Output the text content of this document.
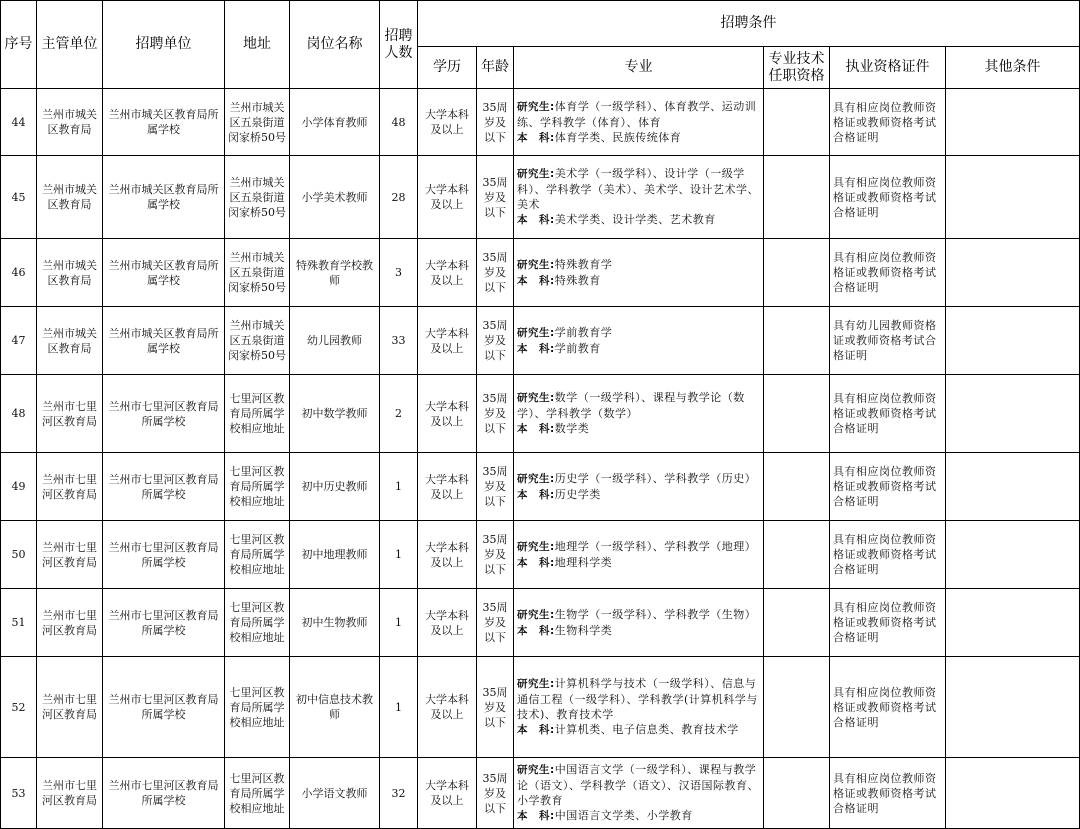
序号	主管单位	招聘单位	地址	岗位名称	招聘人数	招聘条件					
						学历	年龄	专业	专业技术任职资格	执业资格证件	其他条件
44	兰州市城关区教育局	兰州市城关区教育局所属学校	兰州市城关区五泉街道闵家桥50号	小学体育教师	48	大学本科及以上	35周岁及以下	研究生:体育学（一级学科）、体育教学、运动训练、学科教学（体育）、体育
本　科:体育学类、民族传统体育		具有相应岗位教师资格证或教师资格考试合格证明	
45	兰州市城关区教育局	兰州市城关区教育局所属学校	兰州市城关区五泉街道闵家桥50号	小学美术教师	28	大学本科及以上	35周岁及以下	研究生:美术学（一级学科）、设计学（一级学科）、学科教学（美术）、美术学、设计艺术学、美术
本　科:美术学类、设计学类、艺术教育		具有相应岗位教师资格证或教师资格考试合格证明	
46	兰州市城关区教育局	兰州市城关区教育局所属学校	兰州市城关区五泉街道闵家桥50号	特殊教育学校教师	3	大学本科及以上	35周岁及以下	研究生:特殊教育学
本　科:特殊教育		具有相应岗位教师资格证或教师资格考试合格证明	
47	兰州市城关区教育局	兰州市城关区教育局所属学校	兰州市城关区五泉街道闵家桥50号	幼儿园教师	33	大学本科及以上	35周岁及以下	研究生:学前教育学
本　科:学前教育		具有幼儿园教师资格证或教师资格考试合格证明	
48	兰州市七里河区教育局	兰州市七里河区教育局所属学校	七里河区教育局所属学校相应地址	初中数学教师	2	大学本科及以上	35周岁及以下	研究生:数学（一级学科）、课程与教学论（数学）、学科教学（数学）
本　科:数学类		具有相应岗位教师资格证或教师资格考试合格证明	
49	兰州市七里河区教育局	兰州市七里河区教育局所属学校	七里河区教育局所属学校相应地址	初中历史教师	1	大学本科及以上	35周岁及以下	研究生:历史学（一级学科）、学科教学（历史）
本　科:历史学类		具有相应岗位教师资格证或教师资格考试合格证明	
50	兰州市七里河区教育局	兰州市七里河区教育局所属学校	七里河区教育局所属学校相应地址	初中地理教师	1	大学本科及以上	35周岁及以下	研究生:地理学（一级学科）、学科教学（地理）
本　科:地理科学类		具有相应岗位教师资格证或教师资格考试合格证明	
51	兰州市七里河区教育局	兰州市七里河区教育局所属学校	七里河区教育局所属学校相应地址	初中生物教师	1	大学本科及以上	35周岁及以下	研究生:生物学（一级学科）、学科教学（生物）
本　科:生物科学类		具有相应岗位教师资格证或教师资格考试合格证明	
52	兰州市七里河区教育局	兰州市七里河区教育局所属学校	七里河区教育局所属学校相应地址	初中信息技术教师	1	大学本科及以上	35周岁及以下	研究生:计算机科学与技术（一级学科）、信息与通信工程（一级学科）、学科教学(计算机科学与技术)、教育技术学
本　科:计算机类、电子信息类、教育技术学		具有相应岗位教师资格证或教师资格考试合格证明	
53	兰州市七里河区教育局	兰州市七里河区教育局所属学校	七里河区教育局所属学校相应地址	小学语文教师	32	大学本科及以上	35周岁及以下	研究生:中国语言文学（一级学科）、课程与教学论（语文）、学科教学（语文）、汉语国际教育、小学教育
本　科:中国语言文学类、小学教育		具有相应岗位教师资格证或教师资格考试合格证明	
